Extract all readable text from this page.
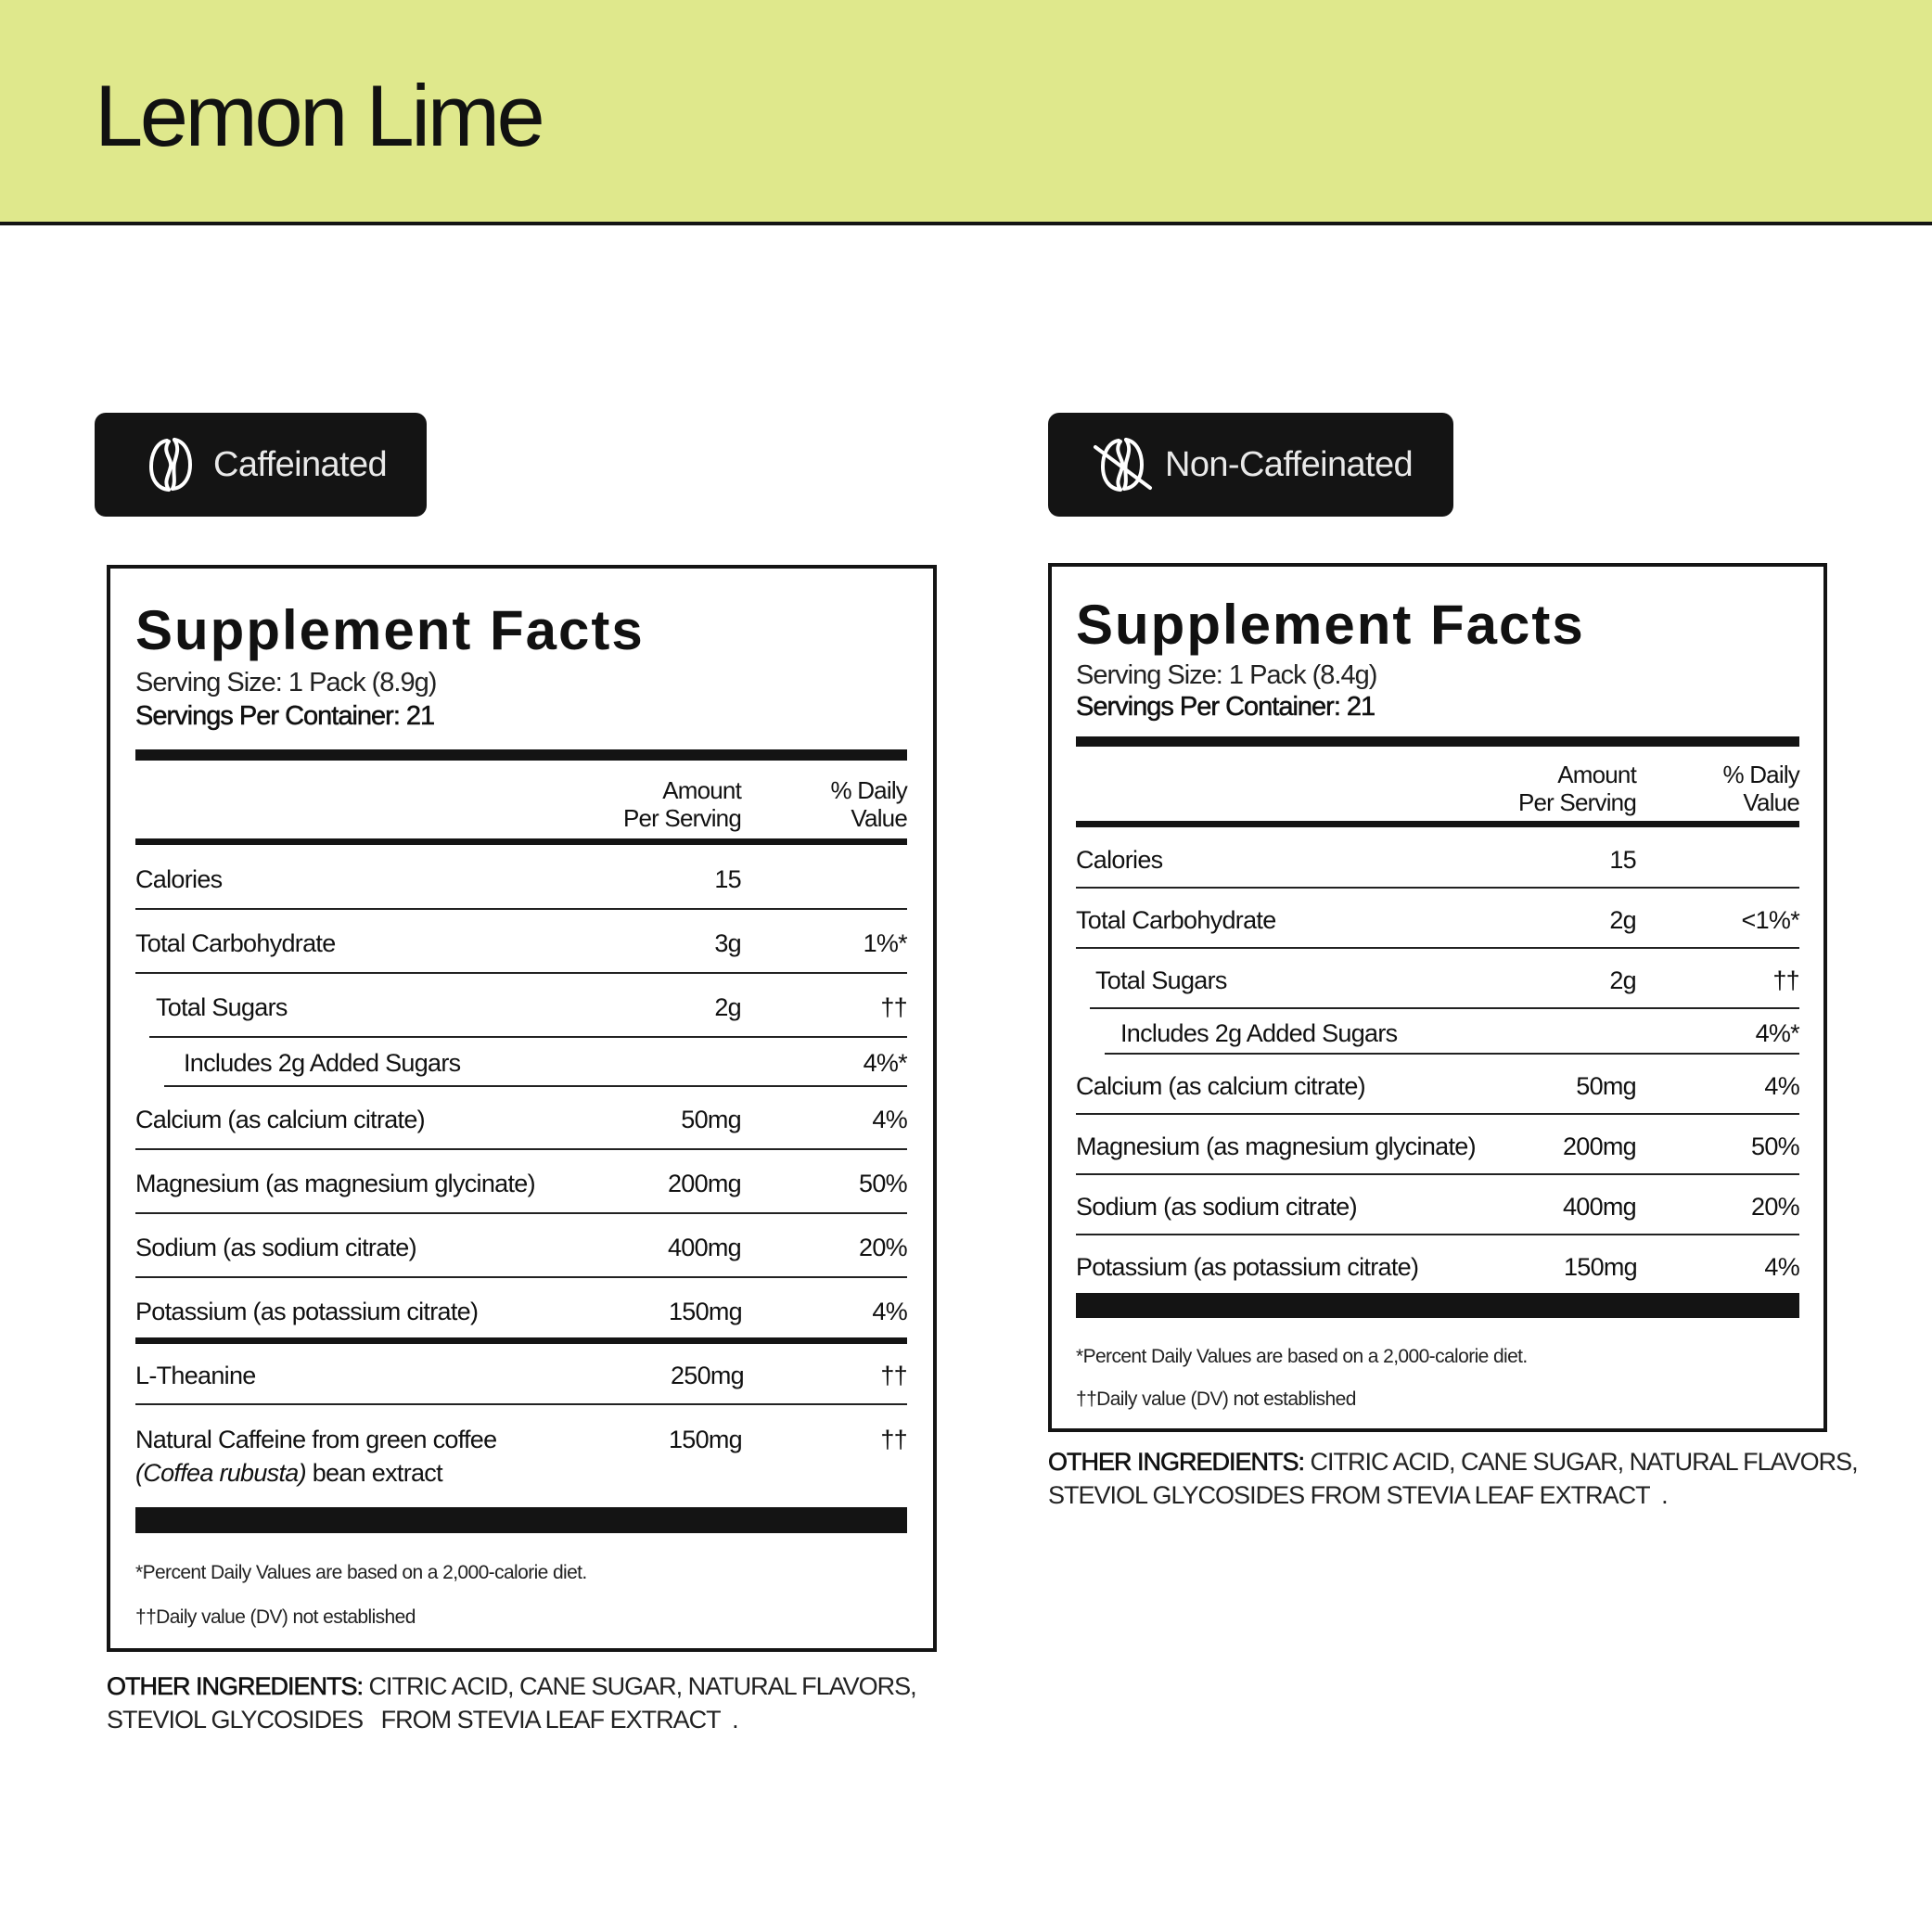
Lemon Lime
Caffeinated	Non-Caffeinated
Supplement Facts
Serving Size: 1 Pack (8.9g)
Servings Per Container: 21
Amount
Per Serving
% Daily
Value
Calories	15
Total Carbohydrate	3g	1%*
Total Sugars	2g	††
Includes 2g Added Sugars	4%*
Calcium (as calcium citrate)	50mg	4%
Magnesium (as magnesium glycinate)	200mg	50%
Sodium (as sodium citrate)	400mg	20%
Potassium (as potassium citrate)	150mg	4%
L-Theanine	250mg	††
Natural Caffeine from green coffee
(Coffea rubusta) bean extract
150mg	††
*Percent Daily Values are based on a 2,000-calorie diet.
††Daily value (DV) not established
OTHER INGREDIENTS: CITRIC ACID, CANE SUGAR, NATURAL FLAVORS,
STEVIOL GLYCOSIDES   FROM STEVIA LEAF EXTRACT  .
Supplement Facts
Serving Size: 1 Pack (8.4g)
Servings Per Container: 21
Amount
Per Serving
% Daily
Value
Calories	15
Total Carbohydrate	2g	<1%*
Total Sugars	2g	††
Includes 2g Added Sugars	4%*
Calcium (as calcium citrate)	50mg	4%
Magnesium (as magnesium glycinate)	200mg	50%
Sodium (as sodium citrate)	400mg	20%
Potassium (as potassium citrate)	150mg	4%
*Percent Daily Values are based on a 2,000-calorie diet.
††Daily value (DV) not established
OTHER INGREDIENTS: CITRIC ACID, CANE SUGAR, NATURAL FLAVORS,
STEVIOL GLYCOSIDES FROM STEVIA LEAF EXTRACT  .
